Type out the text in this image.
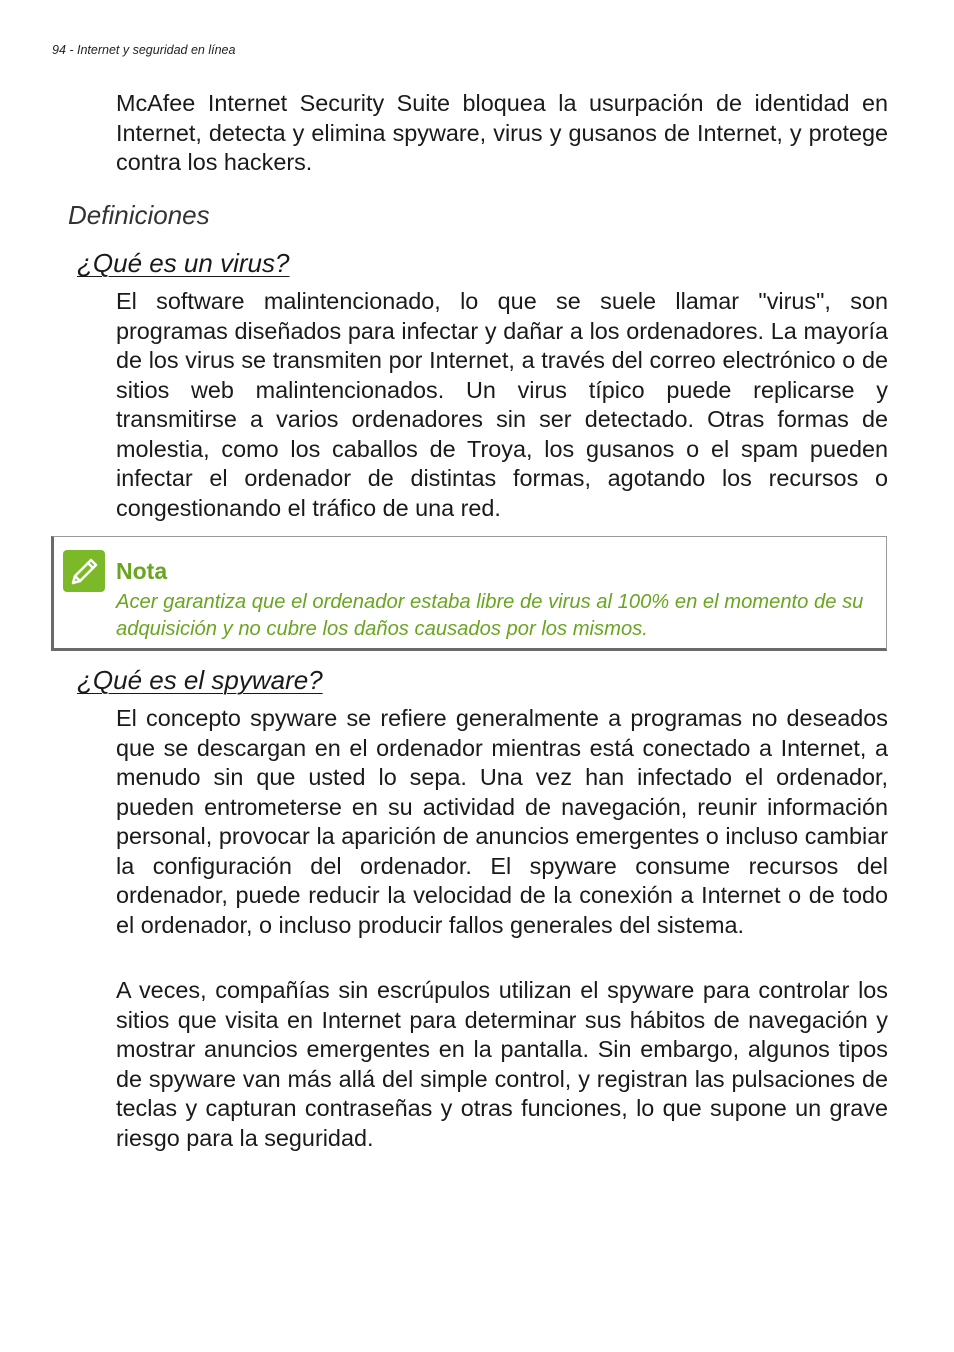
94 - Internet y seguridad en línea

McAfee Internet Security Suite bloquea la usurpación de identidad en Internet, detecta y elimina spyware, virus y gusanos de Internet, y protege contra los hackers.

Definiciones
¿Qué es un virus?

El software malintencionado, lo que se suele llamar "virus", son programas diseñados para infectar y dañar a los ordenadores. La mayoría de los virus se transmiten por Internet, a través del correo electrónico o de sitios web malintencionados. Un virus típico puede replicarse y transmitirse a varios ordenadores sin ser detectado. Otras formas de molestia, como los caballos de Troya, los gusanos o el spam pueden infectar el ordenador de distintas formas, agotando los recursos o congestionando el tráfico de una red.

Nota

Acer garantiza que el ordenador estaba libre de virus al 100% en el momento de su adquisición y no cubre los daños causados por los mismos.

¿Qué es el spyware?

El concepto spyware se refiere generalmente a programas no deseados que se descargan en el ordenador mientras está conectado a Internet, a menudo sin que usted lo sepa. Una vez han infectado el ordenador, pueden entrometerse en su actividad de navegación, reunir información personal, provocar la aparición de anuncios emergentes o incluso cambiar la configuración del ordenador. El spyware consume recursos del ordenador, puede reducir la velocidad de la conexión a Internet o de todo el ordenador, o incluso producir fallos generales del sistema.

A veces, compañías sin escrúpulos utilizan el spyware para controlar los sitios que visita en Internet para determinar sus hábitos de navegación y mostrar anuncios emergentes en la pantalla. Sin embargo, algunos tipos de spyware van más allá del simple control, y registran las pulsaciones de teclas y capturan contraseñas y otras funciones, lo que supone un grave riesgo para la seguridad.
